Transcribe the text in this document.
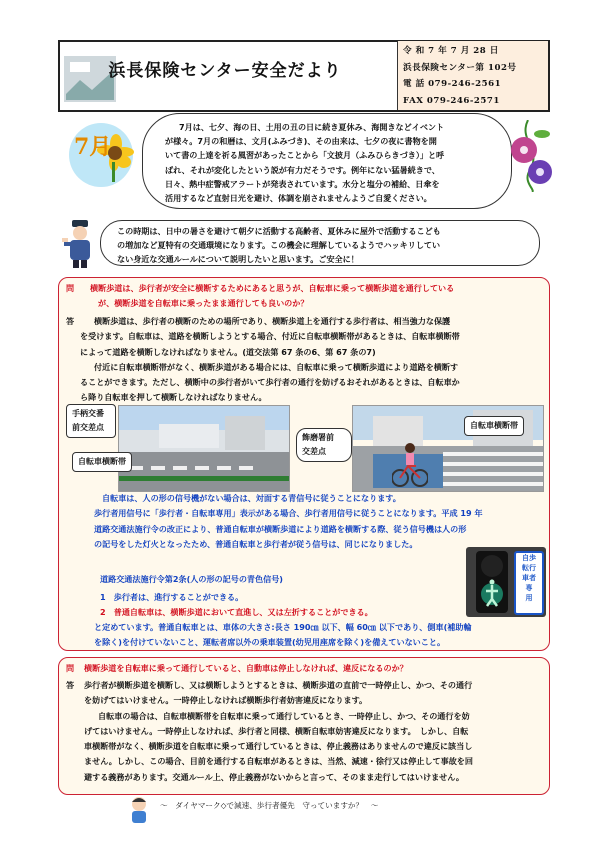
浜長保険センター安全だより
令 和 7 年 7 月 28 日
浜長保険センター第 102号
電 話 079-246-2561
FAX 079-246-2571
7月

7月は、七夕、海の日、土用の丑の日に続き夏休み、海開きなどイベント

が様々。7月の和暦は、文月(ふみづき)、その由来は、七夕の夜に書物を開

いて書の上達を祈る風習があったことから「文披月（ふみひらきづき）」と呼

ばれ、それが変化したという説が有力だそうです。例年にない猛暑続きで、

日々、熱中症警戒アラートが発表されています。水分と塩分の補給、日傘を

活用するなど直射日光を避け、体調を崩されませんようご自愛ください。

この時期は、日中の暑さを避けて朝夕に活動する高齢者、夏休みに屋外で活動するこども

の増加など夏特有の交通環境になります。この機会に理解しているようでハッキリしてい

ない身近な交通ルールについて説明したいと思います。ご安全に！

問 横断歩道は、歩行者が安全に横断するためにあると思うが、自転車に乗って横断歩道を通行している
が、横断歩道を自転車に乗ったまま通行しても良いのか？
答	横断歩道は、歩行者の横断のための場所であり、横断歩道上を通行する歩行者は、相当強力な保護

を受けます。自転車は、道路を横断しようとする場合、付近に自転車横断帯があるときは、自転車横断帯

によって道路を横断しなければなりません。(道交法第 67 条の6、第 67 条の7)

付近に自転車横断帯がなく、横断歩道がある場合には、自転車に乗って横断歩道により道路を横断す

ることができます。ただし、横断中の歩行者がいて歩行者の通行を妨げるおそれがあるときは、自転車か

ら降り自転車を押して横断しなければなりません。

手柄交番
前交差点
自転車横断帯
飾磨署前
交差点
自転車横断帯

自転車は、人の形の信号機がない場合は、対面する青信号に従うことになります。

歩行者用信号に「歩行者・自転車専用」表示がある場合、歩行者用信号に従うことになります。平成 19 年

道路交通法施行令の改正により、普通自転車が横断歩道により道路を横断する際、従う信号機は人の形

の記号をした灯火となったため、普通自転車と歩行者が従う信号は、同じになりました。

道路交通法施行令第2条(人の形の記号の青色信号)
1　歩行者は、進行することができる。
2　普通自転車は、横断歩道において直進し、又は左折することができる。
と定めています。普通自転車とは、車体の大きさ:長さ 190㎝ 以下、幅 60㎝ 以下であり、側車(補助輪
を除く)を付けていないこと、運転者席以外の乗車装置(幼児用座席を除く)を備えていないこと。
自歩
転行
車者
専
用
問 横断歩道を自転車に乗って通行していると、自動車は停止しなければ、違反になるのか？
答	歩行者が横断歩道を横断し、又は横断しようとするときは、横断歩道の直前で一時停止し、かつ、その通行

を妨げてはいけません。一時停止しなければ横断歩行者妨害違反になります。

自転車の場合は、自転車横断帯を自転車に乗って通行しているとき、一時停止し、かつ、その通行を妨

げてはいけません。一時停止しなければ、歩行者と同様、横断自転車妨害違反になります。　しかし、自転

車横断帯がなく、横断歩道を自転車に乗って通行しているときは、停止義務はありませんので違反に該当し

ません。しかし、この場合、目前を通行する自転車があるときは、当然、減速・徐行又は停止して事故を回

避する義務があります。交通ルール上、停止義務がないからと言って、そのまま走行してはいけません。

～　ダイヤマーク◇で減速、歩行者優先　守っていますか？　～
